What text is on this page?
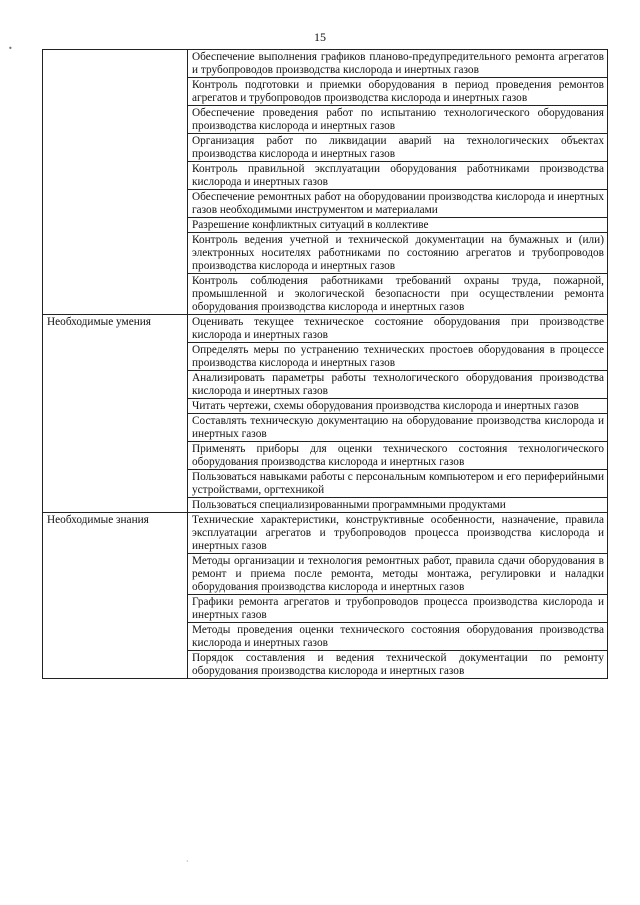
15
•
·
	Обеспечение выполнения графиков планово-предупредительного ремонта агрегатов и трубопроводов производства кислорода и инертных газов
	Контроль подготовки и приемки оборудования в период проведения ремонтов агрегатов и трубопроводов производства кислорода и инертных газов
	Обеспечение проведения работ по испытанию технологического оборудования производства кислорода и инертных газов
	Организация работ по ликвидации аварий на технологических объектах производства кислорода и инертных газов
	Контроль правильной эксплуатации оборудования работниками производства кислорода и инертных газов
	Обеспечение ремонтных работ на оборудовании производства кислорода и инертных газов необходимыми инструментом и материалами
	Разрешение конфликтных ситуаций в коллективе
	Контроль ведения учетной и технической документации на бумажных и (или) электронных носителях работниками по состоянию агрегатов и трубопроводов производства кислорода и инертных газов
	Контроль соблюдения работниками требований охраны труда, пожарной, промышленной и экологической безопасности при осуществлении ремонта оборудования производства кислорода и инертных газов
Необходимые умения	Оценивать текущее техническое состояние оборудования при производстве кислорода и инертных газов
	Определять меры по устранению технических простоев оборудования в процессе производства кислорода и инертных газов
	Анализировать параметры работы технологического оборудования производства кислорода и инертных газов
	Читать чертежи, схемы оборудования производства кислорода и инертных газов
	Составлять техническую документацию на оборудование производства кислорода и инертных газов
	Применять приборы для оценки технического состояния технологического оборудования производства кислорода и инертных газов
	Пользоваться навыками работы с персональным компьютером и его периферийными устройствами, оргтехникой
	Пользоваться специализированными программными продуктами
Необходимые знания	Технические характеристики, конструктивные особенности, назначение, правила эксплуатации агрегатов и трубопроводов процесса производства кислорода и инертных газов
	Методы организации и технология ремонтных работ, правила сдачи оборудования в ремонт и приема после ремонта, методы монтажа, регулировки и наладки оборудования производства кислорода и инертных газов
	Графики ремонта агрегатов и трубопроводов процесса производства кислорода и инертных газов
	Методы проведения оценки технического состояния оборудования производства кислорода и инертных газов
	Порядок составления и ведения технической документации по ремонту оборудования производства кислорода и инертных газов
